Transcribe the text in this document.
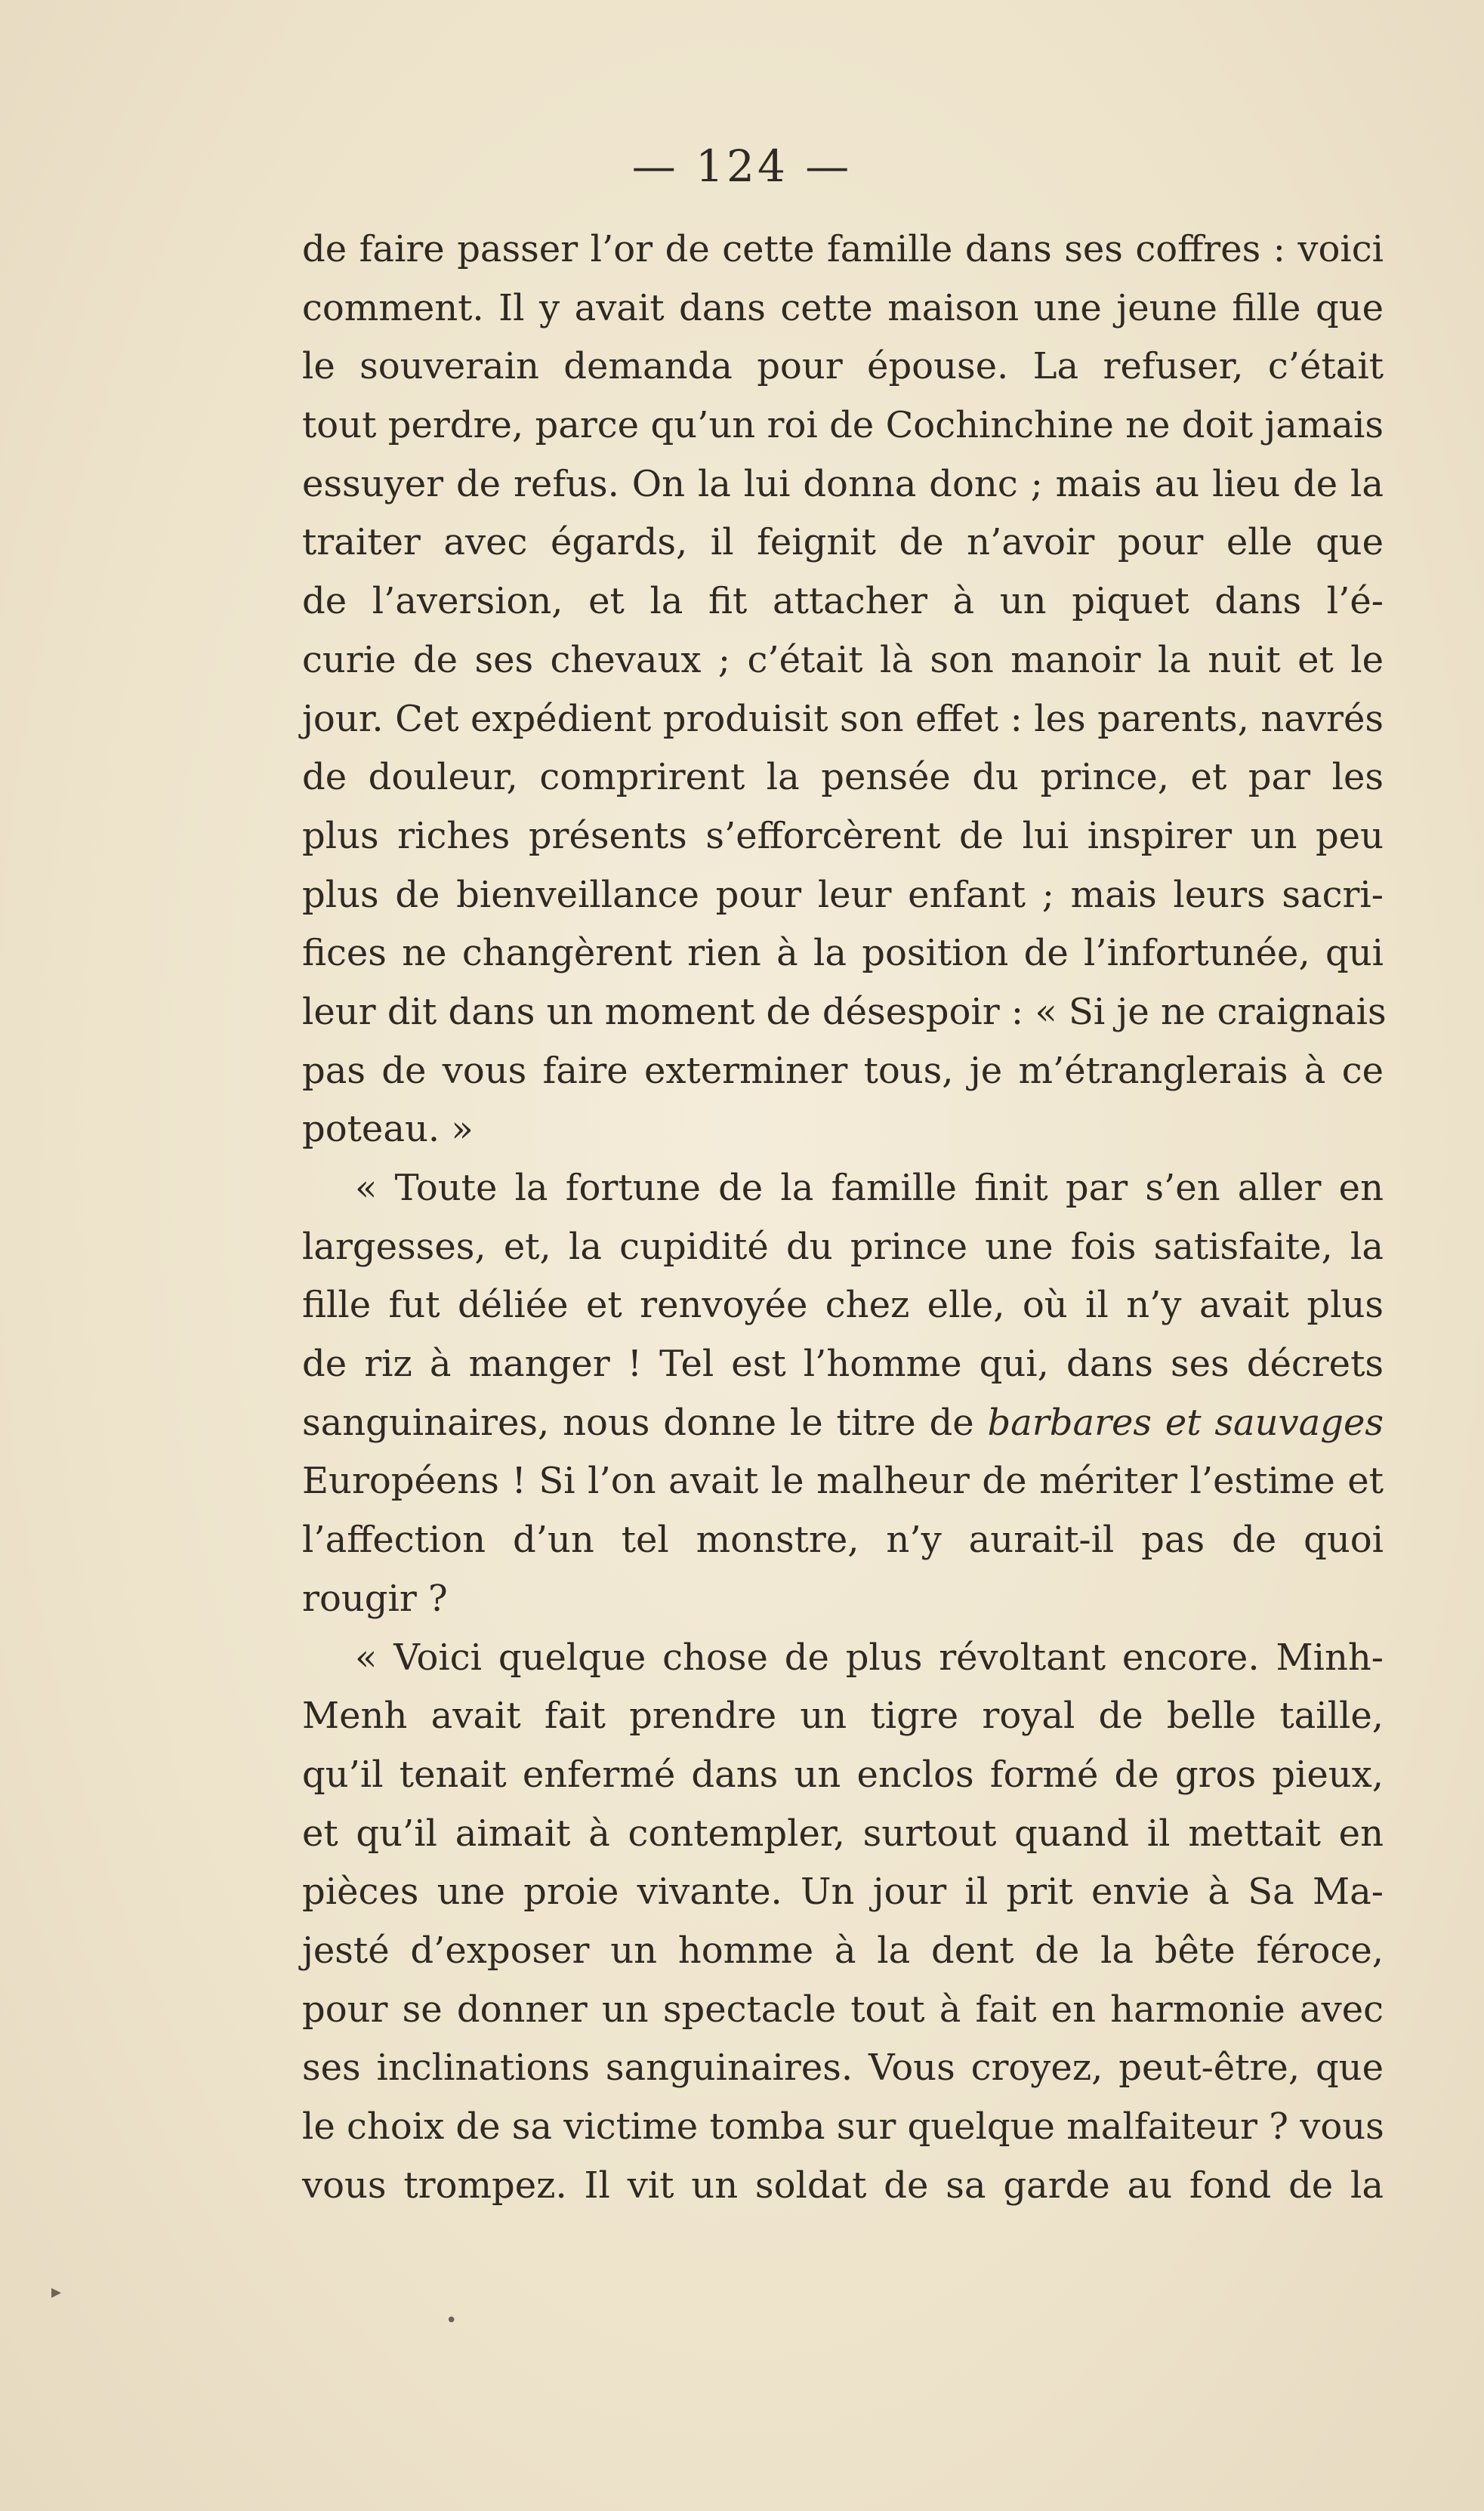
— 124 —
de faire passer l’or de cette famille dans ses coffres : voici
comment. Il y avait dans cette maison une jeune fille que
le souverain demanda pour épouse. La refuser, c’était
tout perdre, parce qu’un roi de Cochinchine ne doit jamais
essuyer de refus. On la lui donna donc ; mais au lieu de la
traiter avec égards, il feignit de n’avoir pour elle que
de l’aversion, et la fit attacher à un piquet dans l’é-
curie de ses chevaux ; c’était là son manoir la nuit et le
jour. Cet expédient produisit son effet : les parents, navrés
de douleur, comprirent la pensée du prince, et par les
plus riches présents s’efforcèrent de lui inspirer un peu
plus de bienveillance pour leur enfant ; mais leurs sacri-
fices ne changèrent rien à la position de l’infortunée, qui
leur dit dans un moment de désespoir : « Si je ne craignais
pas de vous faire exterminer tous, je m’étranglerais à ce
poteau. »
« Toute la fortune de la famille finit par s’en aller en
largesses, et, la cupidité du prince une fois satisfaite, la
fille fut déliée et renvoyée chez elle, où il n’y avait plus
de riz à manger ! Tel est l’homme qui, dans ses décrets
sanguinaires, nous donne le titre de barbares et sauvages
Européens ! Si l’on avait le malheur de mériter l’estime et
l’affection d’un tel monstre, n’y aurait-il pas de quoi
rougir ?
« Voici quelque chose de plus révoltant encore. Minh-
Menh avait fait prendre un tigre royal de belle taille,
qu’il tenait enfermé dans un enclos formé de gros pieux,
et qu’il aimait à contempler, surtout quand il mettait en
pièces une proie vivante. Un jour il prit envie à Sa Ma-
jesté d’exposer un homme à la dent de la bête féroce,
pour se donner un spectacle tout à fait en harmonie avec
ses inclinations sanguinaires. Vous croyez, peut-être, que
le choix de sa victime tomba sur quelque malfaiteur ? vous
vous trompez. Il vit un soldat de sa garde au fond de la
•
▸
